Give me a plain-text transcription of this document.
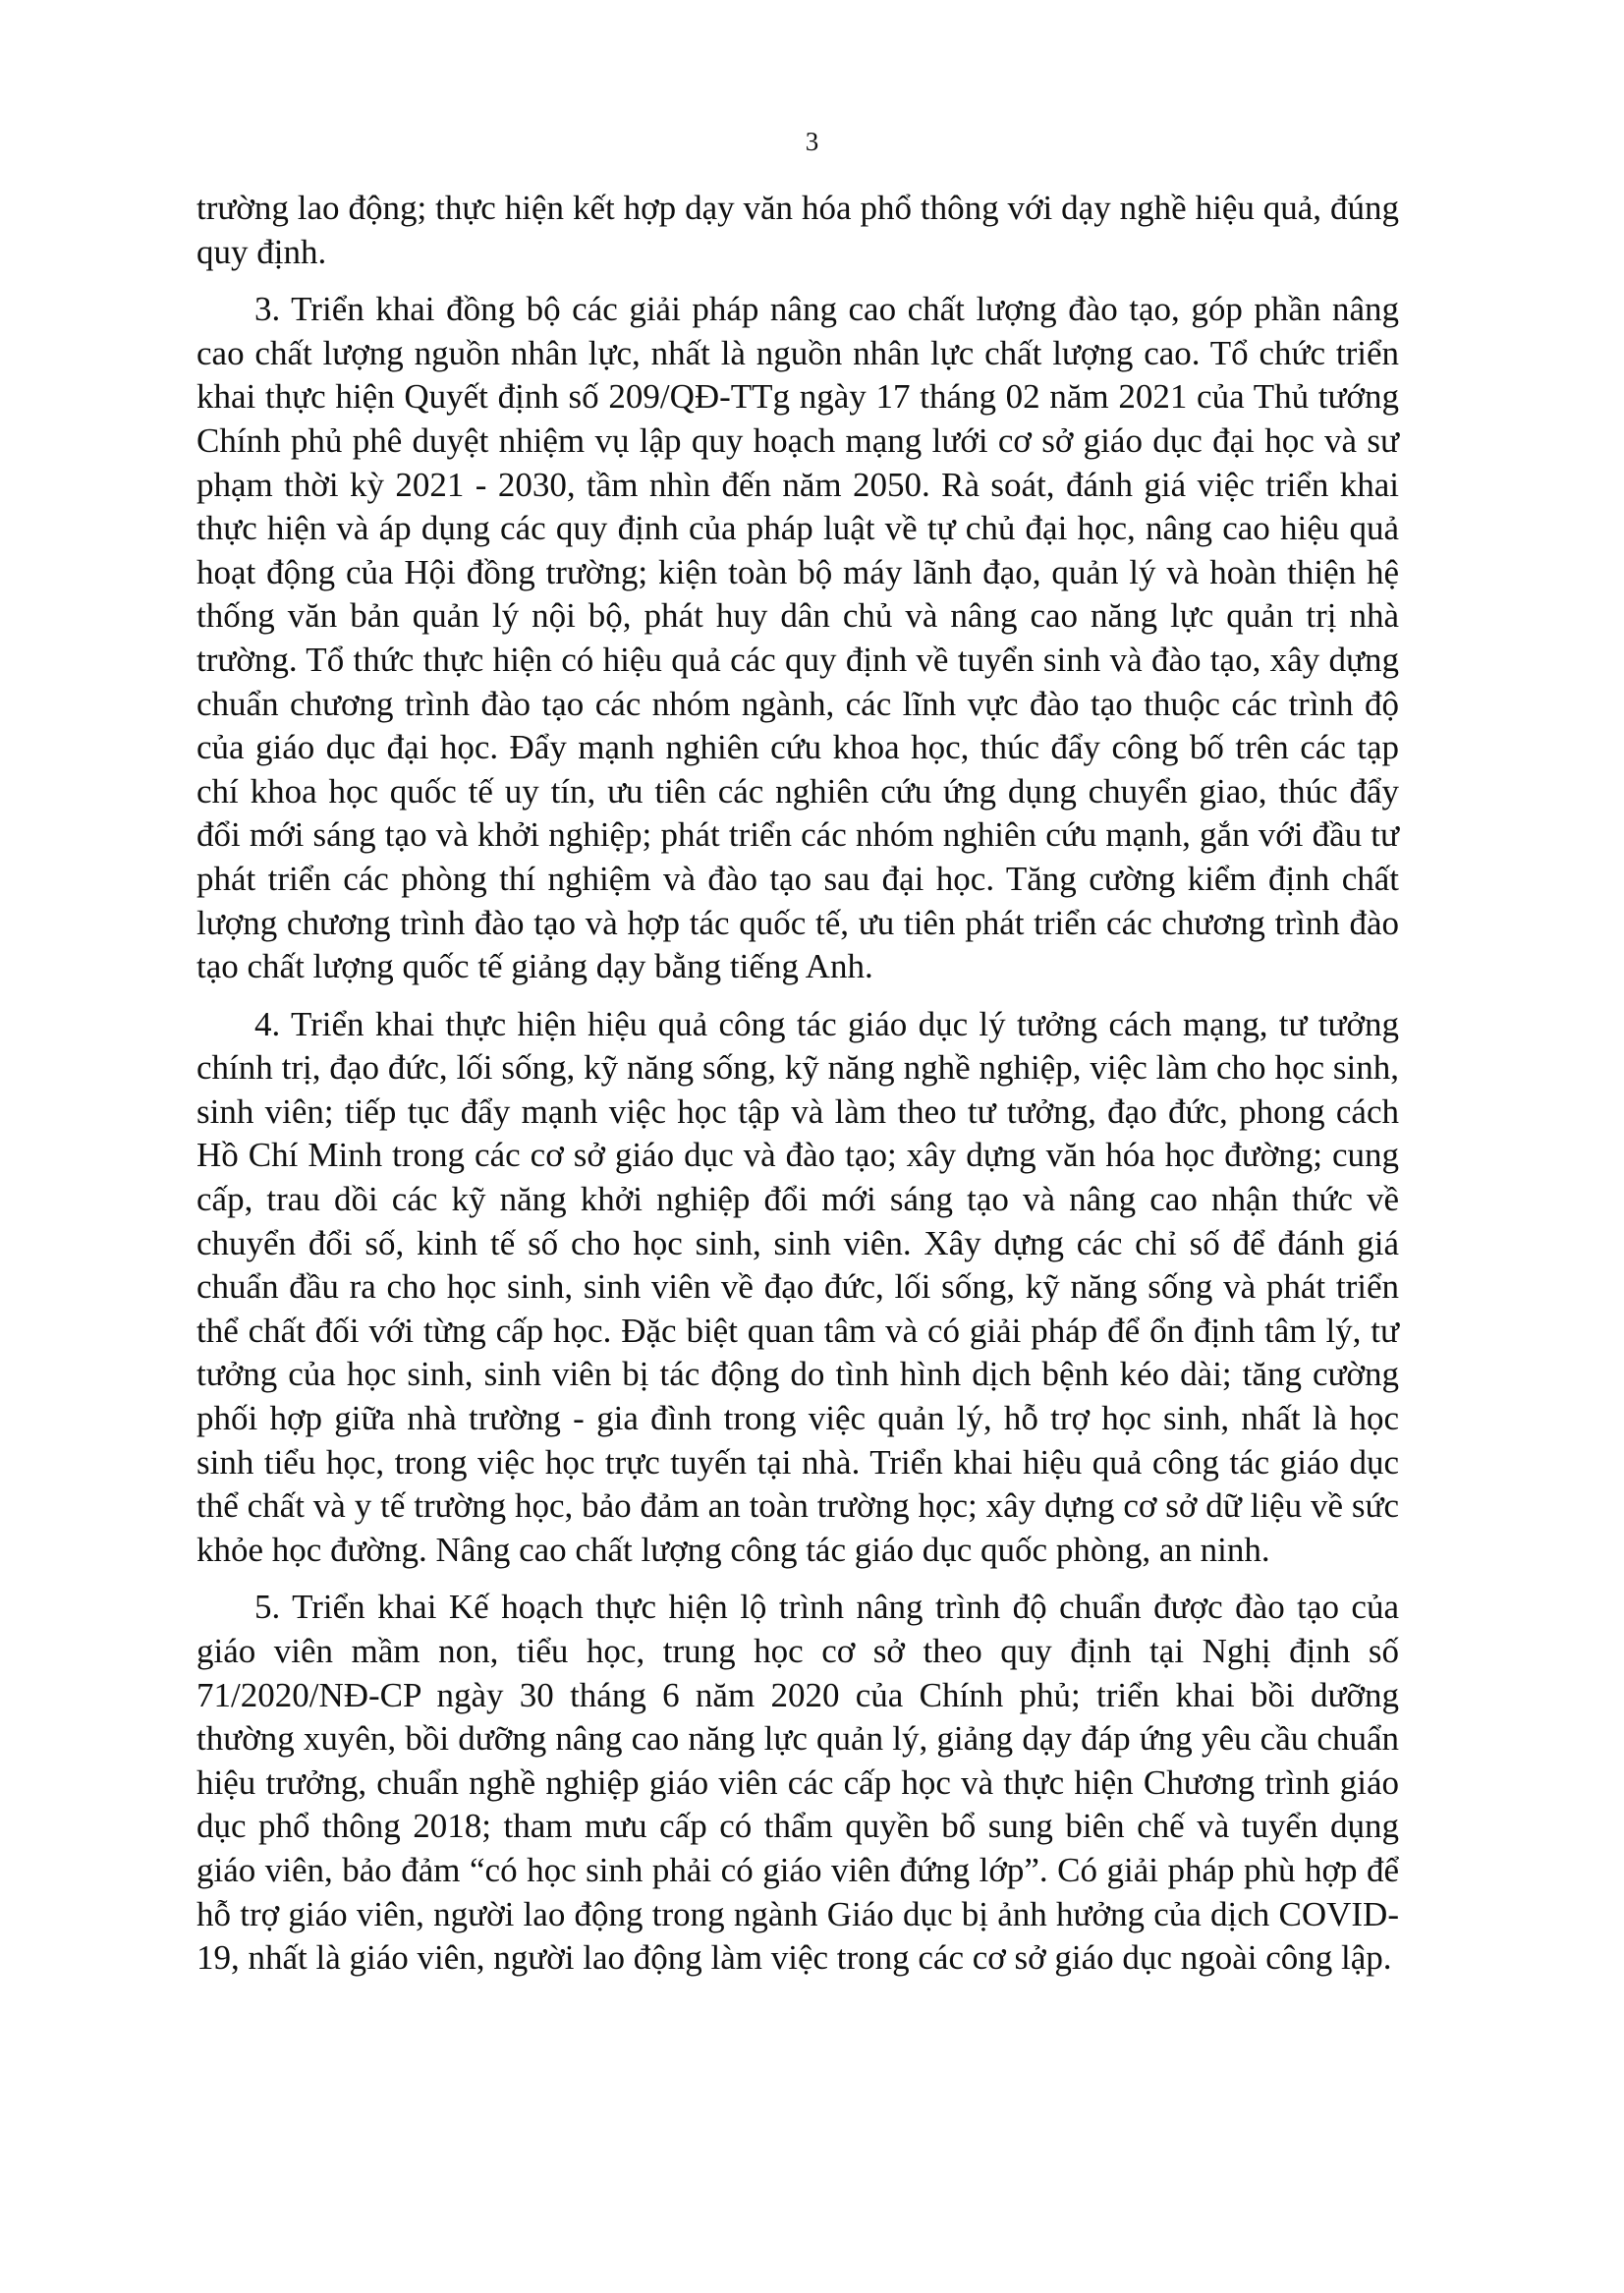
3

trường lao động; thực hiện kết hợp dạy văn hóa phổ thông với dạy nghề hiệu quả, đúng quy định.

3. Triển khai đồng bộ các giải pháp nâng cao chất lượng đào tạo, góp phần nâng cao chất lượng nguồn nhân lực, nhất là nguồn nhân lực chất lượng cao. Tổ chức triển khai thực hiện Quyết định số 209/QĐ-TTg ngày 17 tháng 02 năm 2021 của Thủ tướng Chính phủ phê duyệt nhiệm vụ lập quy hoạch mạng lưới cơ sở giáo dục đại học và sư phạm thời kỳ 2021 - 2030, tầm nhìn đến năm 2050. Rà soát, đánh giá việc triển khai thực hiện và áp dụng các quy định của pháp luật về tự chủ đại học, nâng cao hiệu quả hoạt động của Hội đồng trường; kiện toàn bộ máy lãnh đạo, quản lý và hoàn thiện hệ thống văn bản quản lý nội bộ, phát huy dân chủ và nâng cao năng lực quản trị nhà trường. Tổ thức thực hiện có hiệu quả các quy định về tuyển sinh và đào tạo, xây dựng chuẩn chương trình đào tạo các nhóm ngành, các lĩnh vực đào tạo thuộc các trình độ của giáo dục đại học. Đẩy mạnh nghiên cứu khoa học, thúc đẩy công bố trên các tạp chí khoa học quốc tế uy tín, ưu tiên các nghiên cứu ứng dụng chuyển giao, thúc đẩy đổi mới sáng tạo và khởi nghiệp; phát triển các nhóm nghiên cứu mạnh, gắn với đầu tư phát triển các phòng thí nghiệm và đào tạo sau đại học. Tăng cường kiểm định chất lượng chương trình đào tạo và hợp tác quốc tế, ưu tiên phát triển các chương trình đào tạo chất lượng quốc tế giảng dạy bằng tiếng Anh.

4. Triển khai thực hiện hiệu quả công tác giáo dục lý tưởng cách mạng, tư tưởng chính trị, đạo đức, lối sống, kỹ năng sống, kỹ năng nghề nghiệp, việc làm cho học sinh, sinh viên; tiếp tục đẩy mạnh việc học tập và làm theo tư tưởng, đạo đức, phong cách Hồ Chí Minh trong các cơ sở giáo dục và đào tạo; xây dựng văn hóa học đường; cung cấp, trau dồi các kỹ năng khởi nghiệp đổi mới sáng tạo và nâng cao nhận thức về chuyển đổi số, kinh tế số cho học sinh, sinh viên. Xây dựng các chỉ số để đánh giá chuẩn đầu ra cho học sinh, sinh viên về đạo đức, lối sống, kỹ năng sống và phát triển thể chất đối với từng cấp học. Đặc biệt quan tâm và có giải pháp để ổn định tâm lý, tư tưởng của học sinh, sinh viên bị tác động do tình hình dịch bệnh kéo dài; tăng cường phối hợp giữa nhà trường - gia đình trong việc quản lý, hỗ trợ học sinh, nhất là học sinh tiểu học, trong việc học trực tuyến tại nhà. Triển khai hiệu quả công tác giáo dục thể chất và y tế trường học, bảo đảm an toàn trường học; xây dựng cơ sở dữ liệu về sức khỏe học đường. Nâng cao chất lượng công tác giáo dục quốc phòng, an ninh.

5. Triển khai Kế hoạch thực hiện lộ trình nâng trình độ chuẩn được đào tạo của giáo viên mầm non, tiểu học, trung học cơ sở theo quy định tại Nghị định số 71/2020/NĐ-CP ngày 30 tháng 6 năm 2020 của Chính phủ; triển khai bồi dưỡng thường xuyên, bồi dưỡng nâng cao năng lực quản lý, giảng dạy đáp ứng yêu cầu chuẩn hiệu trưởng, chuẩn nghề nghiệp giáo viên các cấp học và thực hiện Chương trình giáo dục phổ thông 2018; tham mưu cấp có thẩm quyền bổ sung biên chế và tuyển dụng giáo viên, bảo đảm “có học sinh phải có giáo viên đứng lớp”. Có giải pháp phù hợp để hỗ trợ giáo viên, người lao động trong ngành Giáo dục bị ảnh hưởng của dịch COVID-19, nhất là giáo viên, người lao động làm việc trong các cơ sở giáo dục ngoài công lập.
